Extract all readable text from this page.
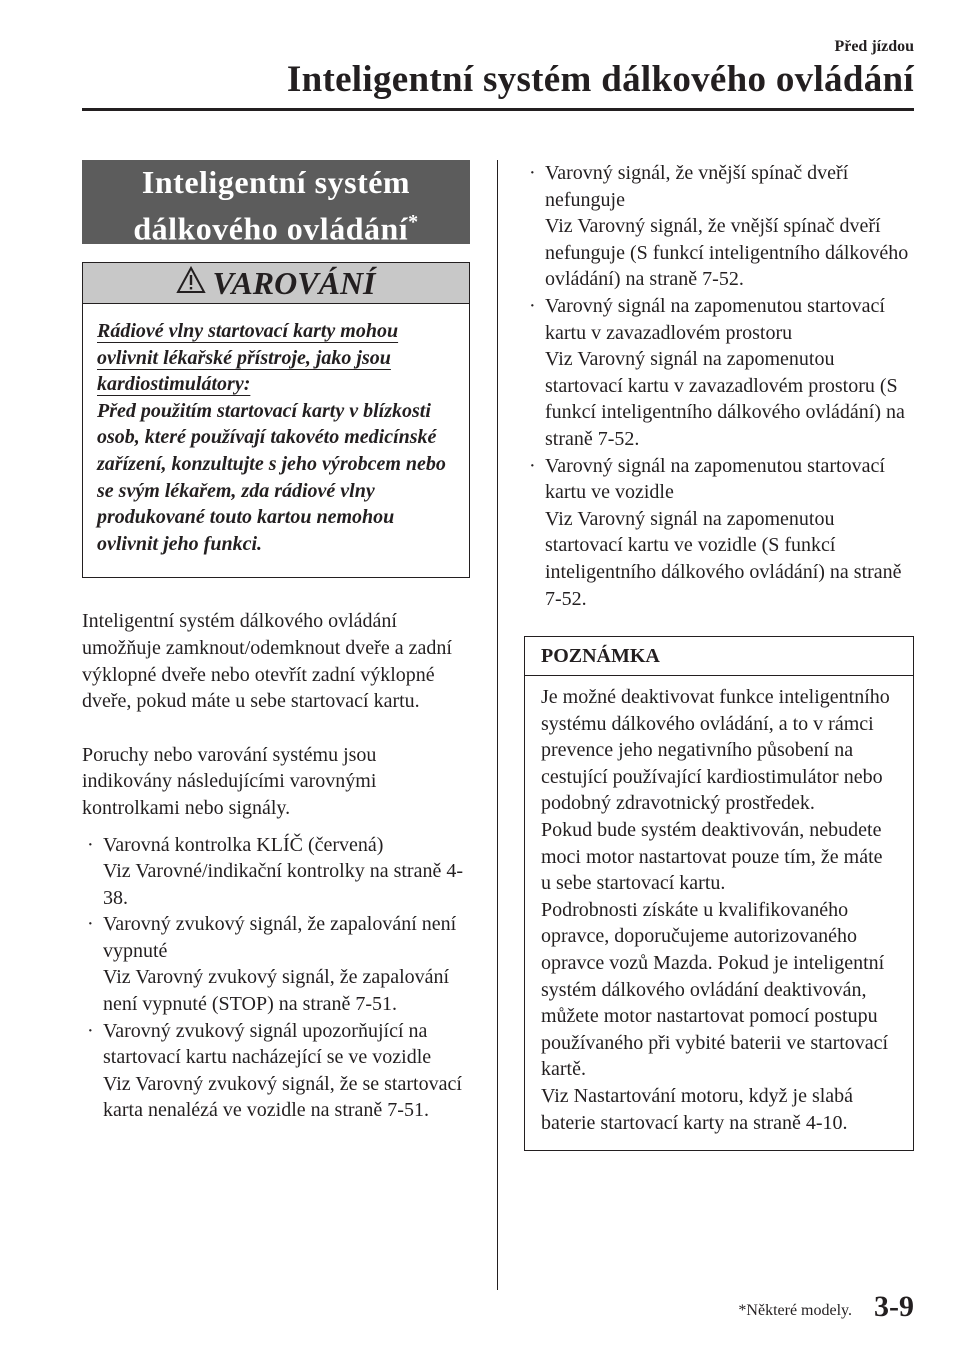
Před jízdou
Inteligentní systém dálkového ovládání
Inteligentní systém
dálkového ovládání*
VAROVÁNÍ
Rádiové vlny startovací karty mohou ovlivnit lékařské přístroje, jako jsou kardiostimulátory:
Před použitím startovací karty v blízkosti osob, které používají takovéto medicínské zařízení, konzultujte s jeho výrobcem nebo se svým lékařem, zda rádiové vlny produkované touto kartou nemohou ovlivnit jeho funkci.

Inteligentní systém dálkového ovládání umožňuje zamknout/odemknout dveře a zadní výklopné dveře nebo otevřít zadní výklopné dveře, pokud máte u sebe startovací kartu.

Poruchy nebo varování systému jsou indikovány následujícími varovnými kontrolkami nebo signály.

· Varovná kontrolka KLÍČ (červená)
Viz Varovné/indikační kontrolky na straně 4-38.
· Varovný zvukový signál, že zapalování není vypnuté
Viz Varovný zvukový signál, že zapalování není vypnuté (STOP) na straně 7-51.
· Varovný zvukový signál upozorňující na startovací kartu nacházející se ve vozidle
Viz Varovný zvukový signál, že se startovací karta nenalézá ve vozidle na straně 7-51.
· Varovný signál, že vnější spínač dveří nefunguje
Viz Varovný signál, že vnější spínač dveří nefunguje (S funkcí inteligentního dálkového ovládání) na straně 7-52.
· Varovný signál na zapomenutou startovací kartu v zavazadlovém prostoru
Viz Varovný signál na zapomenutou startovací kartu v zavazadlovém prostoru (S funkcí inteligentního dálkového ovládání) na straně 7-52.
· Varovný signál na zapomenutou startovací kartu ve vozidle
Viz Varovný signál na zapomenutou startovací kartu ve vozidle (S funkcí inteligentního dálkového ovládání) na straně 7-52.
POZNÁMKA
Je možné deaktivovat funkce inteligentního systému dálkového ovládání, a to v rámci prevence jeho negativního působení na cestující používající kardiostimulátor nebo podobný zdravotnický prostředek.
Pokud bude systém deaktivován, nebudete moci motor nastartovat pouze tím, že máte u sebe startovací kartu.
Podrobnosti získáte u kvalifikovaného opravce, doporučujeme autorizovaného opravce vozů Mazda. Pokud je inteligentní systém dálkového ovládání deaktivován, můžete motor nastartovat pomocí postupu používaného při vybité baterii ve startovací kartě.
Viz Nastartování motoru, když je slabá baterie startovací karty na straně 4-10.
*Některé modely. 3-9
